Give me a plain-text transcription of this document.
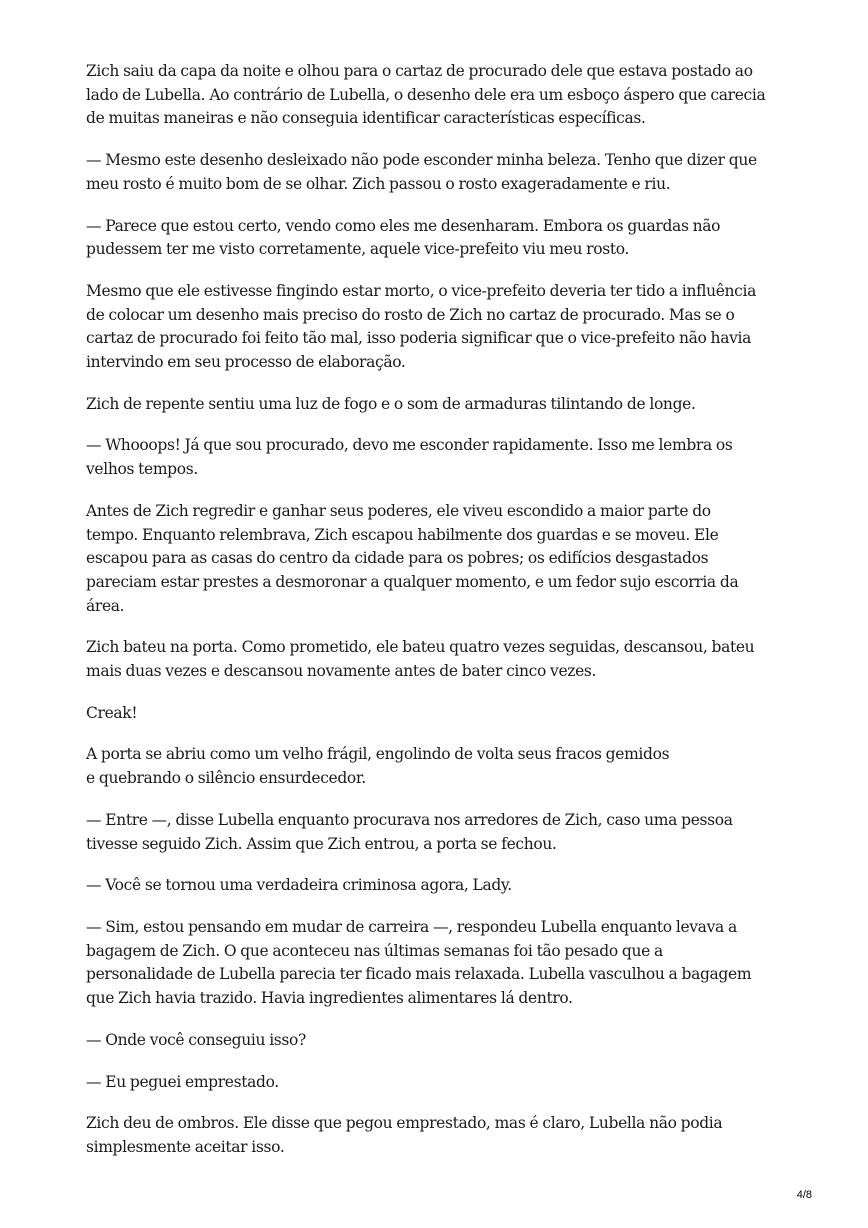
Zich saiu da capa da noite e olhou para o cartaz de procurado dele que estava postado ao
lado de Lubella. Ao contrário de Lubella, o desenho dele era um esboço áspero que carecia
de muitas maneiras e não conseguia identificar características específicas.

— Mesmo este desenho desleixado não pode esconder minha beleza. Tenho que dizer que
meu rosto é muito bom de se olhar. Zich passou o rosto exageradamente e riu.

— Parece que estou certo, vendo como eles me desenharam. Embora os guardas não
pudessem ter me visto corretamente, aquele vice-prefeito viu meu rosto.

Mesmo que ele estivesse fingindo estar morto, o vice-prefeito deveria ter tido a influência
de colocar um desenho mais preciso do rosto de Zich no cartaz de procurado. Mas se o
cartaz de procurado foi feito tão mal, isso poderia significar que o vice-prefeito não havia
intervindo em seu processo de elaboração.

Zich de repente sentiu uma luz de fogo e o som de armaduras tilintando de longe.

— Whooops! Já que sou procurado, devo me esconder rapidamente. Isso me lembra os
velhos tempos.

Antes de Zich regredir e ganhar seus poderes, ele viveu escondido a maior parte do
tempo. Enquanto relembrava, Zich escapou habilmente dos guardas e se moveu. Ele
escapou para as casas do centro da cidade para os pobres; os edifícios desgastados
pareciam estar prestes a desmoronar a qualquer momento, e um fedor sujo escorria da
área.

Zich bateu na porta. Como prometido, ele bateu quatro vezes seguidas, descansou, bateu
mais duas vezes e descansou novamente antes de bater cinco vezes.

Creak!

A porta se abriu como um velho frágil, engolindo de volta seus fracos gemidos
e quebrando o silêncio ensurdecedor.

— Entre —, disse Lubella enquanto procurava nos arredores de Zich, caso uma pessoa
tivesse seguido Zich. Assim que Zich entrou, a porta se fechou.

— Você se tornou uma verdadeira criminosa agora, Lady.

— Sim, estou pensando em mudar de carreira —, respondeu Lubella enquanto levava a
bagagem de Zich. O que aconteceu nas últimas semanas foi tão pesado que a
personalidade de Lubella parecia ter ficado mais relaxada. Lubella vasculhou a bagagem
que Zich havia trazido. Havia ingredientes alimentares lá dentro.

— Onde você conseguiu isso?

— Eu peguei emprestado.

Zich deu de ombros. Ele disse que pegou emprestado, mas é claro, Lubella não podia
simplesmente aceitar isso.

4/8
